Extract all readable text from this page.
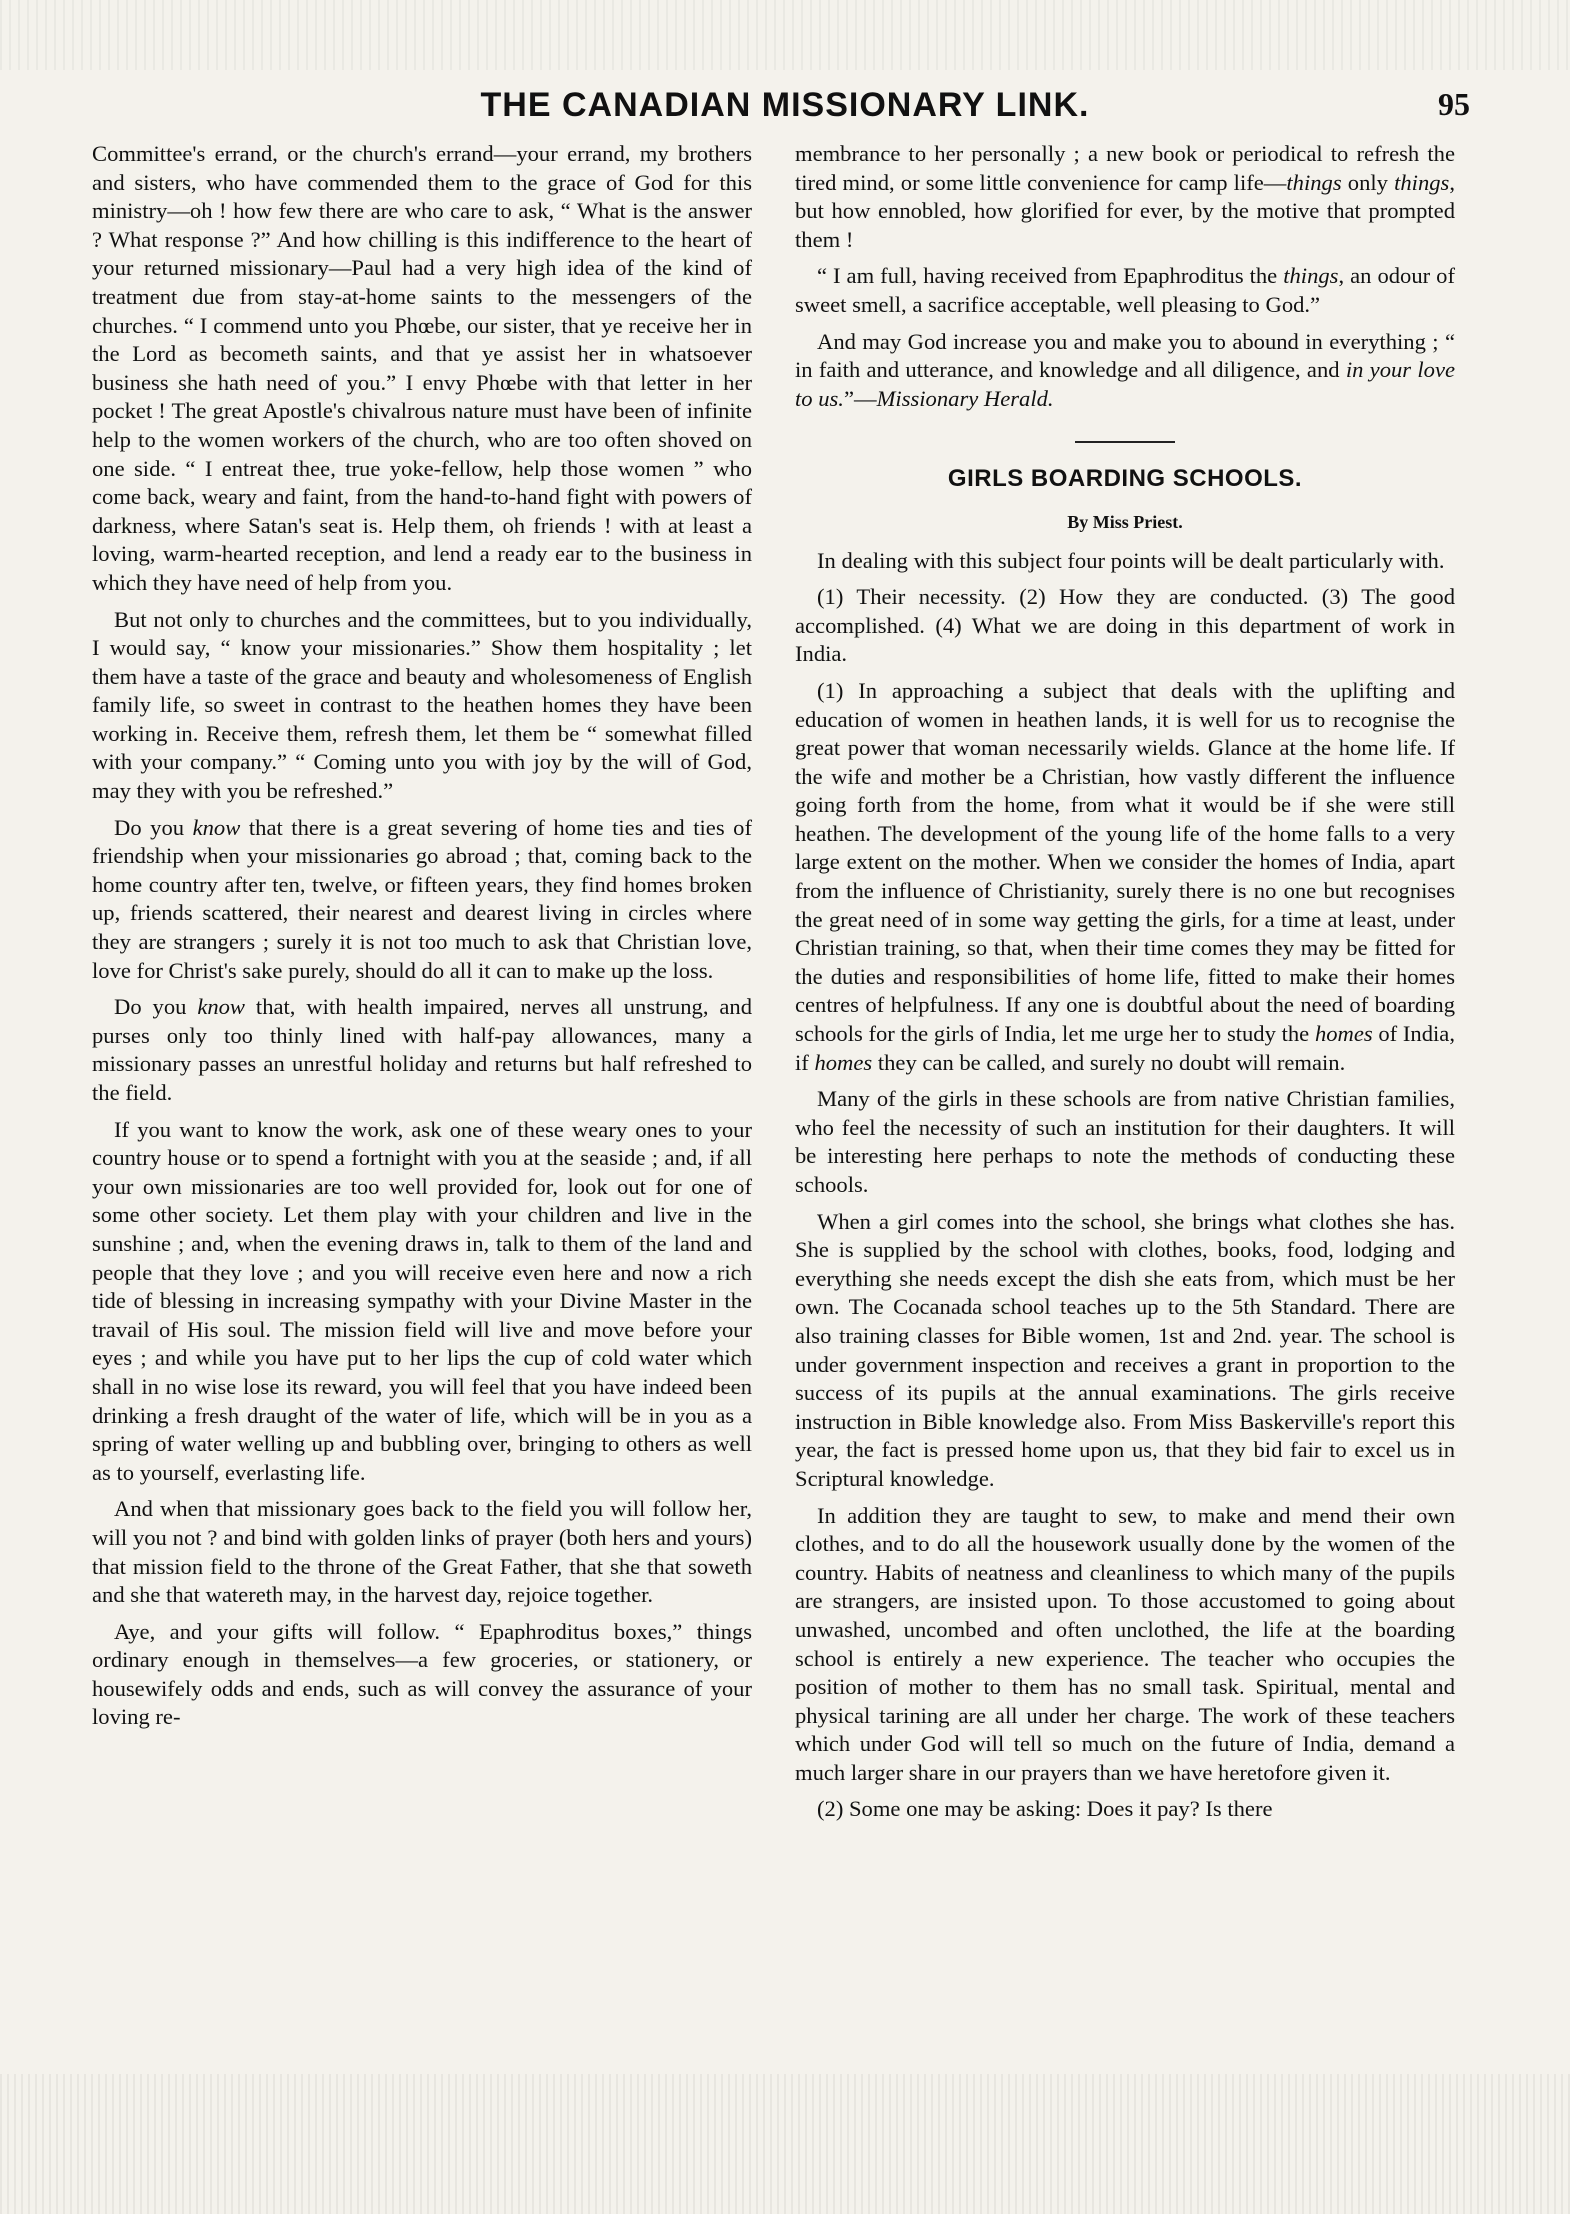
THE CANADIAN MISSIONARY LINK.	95

Committee's errand, or the church's errand—your errand, my brothers and sisters, who have commended them to the grace of God for this ministry—oh ! how few there are who care to ask, “ What is the answer ? What response ?” And how chilling is this indifference to the heart of your returned missionary—Paul had a very high idea of the kind of treatment due from stay-at-home saints to the messengers of the churches. “ I commend unto you Phœbe, our sister, that ye receive her in the Lord as becometh saints, and that ye assist her in whatsoever business she hath need of you.” I envy Phœbe with that letter in her pocket ! The great Apostle's chivalrous nature must have been of infinite help to the women workers of the church, who are too often shoved on one side. “ I entreat thee, true yoke-fellow, help those women ” who come back, weary and faint, from the hand-to-hand fight with powers of darkness, where Satan's seat is. Help them, oh friends ! with at least a loving, warm-hearted reception, and lend a ready ear to the business in which they have need of help from you.

But not only to churches and the committees, but to you individually, I would say, “ know your missionaries.” Show them hospitality ; let them have a taste of the grace and beauty and wholesomeness of English family life, so sweet in contrast to the heathen homes they have been working in. Receive them, refresh them, let them be “ somewhat filled with your company.” “ Coming unto you with joy by the will of God, may they with you be refreshed.”

Do you know that there is a great severing of home ties and ties of friendship when your missionaries go abroad ; that, coming back to the home country after ten, twelve, or fifteen years, they find homes broken up, friends scattered, their nearest and dearest living in circles where they are strangers ; surely it is not too much to ask that Christian love, love for Christ's sake purely, should do all it can to make up the loss.

Do you know that, with health impaired, nerves all unstrung, and purses only too thinly lined with half-pay allowances, many a missionary passes an unrestful holiday and returns but half refreshed to the field.

If you want to know the work, ask one of these weary ones to your country house or to spend a fortnight with you at the seaside ; and, if all your own missionaries are too well provided for, look out for one of some other society. Let them play with your children and live in the sunshine ; and, when the evening draws in, talk to them of the land and people that they love ; and you will receive even here and now a rich tide of blessing in increasing sympathy with your Divine Master in the travail of His soul. The mission field will live and move before your eyes ; and while you have put to her lips the cup of cold water which shall in no wise lose its reward, you will feel that you have indeed been drinking a fresh draught of the water of life, which will be in you as a spring of water welling up and bubbling over, bringing to others as well as to yourself, everlasting life.

And when that missionary goes back to the field you will follow her, will you not ? and bind with golden links of prayer (both hers and yours) that mission field to the throne of the Great Father, that she that soweth and she that watereth may, in the harvest day, rejoice together.

Aye, and your gifts will follow. “ Epaphroditus boxes,” things ordinary enough in themselves—a few groceries, or stationery, or housewifely odds and ends, such as will convey the assurance of your loving re-

membrance to her personally ; a new book or periodical to refresh the tired mind, or some little convenience for camp life—things only things, but how ennobled, how glorified for ever, by the motive that prompted them !

“ I am full, having received from Epaphroditus the things, an odour of sweet smell, a sacrifice acceptable, well pleasing to God.”

And may God increase you and make you to abound in everything ; “ in faith and utterance, and knowledge and all diligence, and in your love to us.”—Missionary Herald.

GIRLS BOARDING SCHOOLS.
By Miss Priest.

In dealing with this subject four points will be dealt particularly with.

(1) Their necessity. (2) How they are conducted. (3) The good accomplished. (4) What we are doing in this department of work in India.

(1) In approaching a subject that deals with the uplifting and education of women in heathen lands, it is well for us to recognise the great power that woman necessarily wields. Glance at the home life. If the wife and mother be a Christian, how vastly different the influence going forth from the home, from what it would be if she were still heathen. The development of the young life of the home falls to a very large extent on the mother. When we consider the homes of India, apart from the influence of Christianity, surely there is no one but recognises the great need of in some way getting the girls, for a time at least, under Christian training, so that, when their time comes they may be fitted for the duties and responsibilities of home life, fitted to make their homes centres of helpfulness. If any one is doubtful about the need of boarding schools for the girls of India, let me urge her to study the homes of India, if homes they can be called, and surely no doubt will remain.

Many of the girls in these schools are from native Christian families, who feel the necessity of such an institution for their daughters. It will be interesting here perhaps to note the methods of conducting these schools.

When a girl comes into the school, she brings what clothes she has. She is supplied by the school with clothes, books, food, lodging and everything she needs except the dish she eats from, which must be her own. The Cocanada school teaches up to the 5th Standard. There are also training classes for Bible women, 1st and 2nd. year. The school is under government inspection and receives a grant in proportion to the success of its pupils at the annual examinations. The girls receive instruction in Bible knowledge also. From Miss Baskerville's report this year, the fact is pressed home upon us, that they bid fair to excel us in Scriptural knowledge.

In addition they are taught to sew, to make and mend their own clothes, and to do all the housework usually done by the women of the country. Habits of neatness and cleanliness to which many of the pupils are strangers, are insisted upon. To those accustomed to going about unwashed, uncombed and often unclothed, the life at the boarding school is entirely a new experience. The teacher who occupies the position of mother to them has no small task. Spiritual, mental and physical tarining are all under her charge. The work of these teachers which under God will tell so much on the future of India, demand a much larger share in our prayers than we have heretofore given it.

(2) Some one may be asking: Does it pay? Is there
